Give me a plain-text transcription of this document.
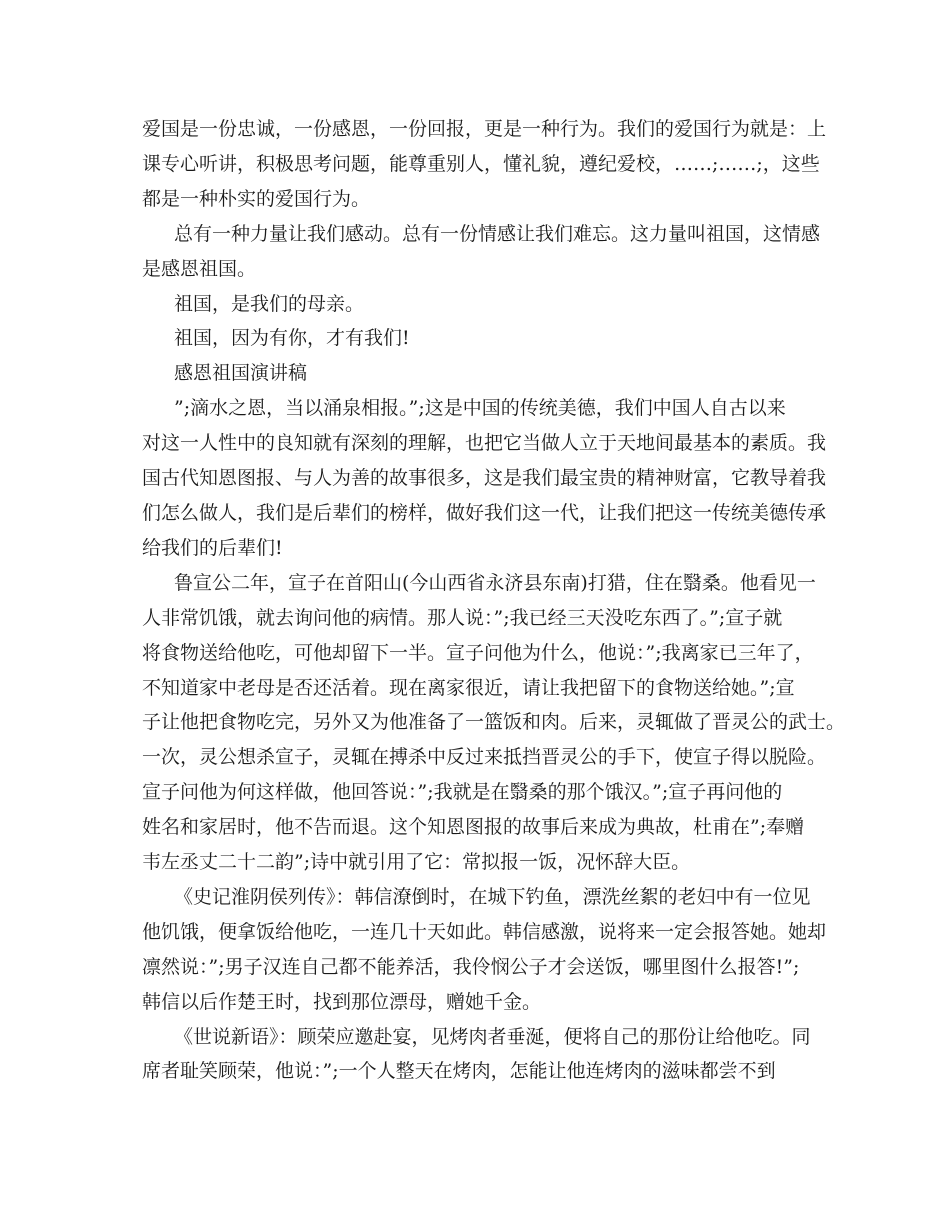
爱国是一份忠诚，一份感恩，一份回报，更是一种行为。我们的爱国行为就是：上
课专心听讲，积极思考问题，能尊重别人，懂礼貌，遵纪爱校，……;……;，这些
都是一种朴实的爱国行为。
总有一种力量让我们感动。总有一份情感让我们难忘。这力量叫祖国，这情感
是感恩祖国。
祖国，是我们的母亲。
祖国，因为有你，才有我们!
感恩祖国演讲稿
”;滴水之恩，当以涌泉相报。”;这是中国的传统美德，我们中国人自古以来
对这一人性中的良知就有深刻的理解，也把它当做人立于天地间最基本的素质。我
国古代知恩图报、与人为善的故事很多，这是我们最宝贵的精神财富，它教导着我
们怎么做人，我们是后辈们的榜样，做好我们这一代，让我们把这一传统美德传承
给我们的后辈们!
鲁宣公二年，宣子在首阳山(今山西省永济县东南)打猎，住在翳桑。他看见一
人非常饥饿，就去询问他的病情。那人说：”;我已经三天没吃东西了。”;宣子就
将食物送给他吃，可他却留下一半。宣子问他为什么，他说：”;我离家已三年了，
不知道家中老母是否还活着。现在离家很近，请让我把留下的食物送给她。”;宣
子让他把食物吃完，另外又为他准备了一篮饭和肉。后来，灵辄做了晋灵公的武士。
一次，灵公想杀宣子，灵辄在搏杀中反过来抵挡晋灵公的手下，使宣子得以脱险。
宣子问他为何这样做，他回答说：”;我就是在翳桑的那个饿汉。”;宣子再问他的
姓名和家居时，他不告而退。这个知恩图报的故事后来成为典故，杜甫在”;奉赠
韦左丞丈二十二韵”;诗中就引用了它：常拟报一饭，况怀辞大臣。
《史记淮阴侯列传》：韩信潦倒时，在城下钓鱼，漂洗丝絮的老妇中有一位见
他饥饿，便拿饭给他吃，一连几十天如此。韩信感激，说将来一定会报答她。她却
凛然说：”;男子汉连自己都不能养活，我伶悯公子才会送饭，哪里图什么报答!”;
韩信以后作楚王时，找到那位漂母，赠她千金。
《世说新语》：顾荣应邀赴宴，见烤肉者垂涎，便将自己的那份让给他吃。同
席者耻笑顾荣，他说：”;一个人整天在烤肉，怎能让他连烤肉的滋味都尝不到
